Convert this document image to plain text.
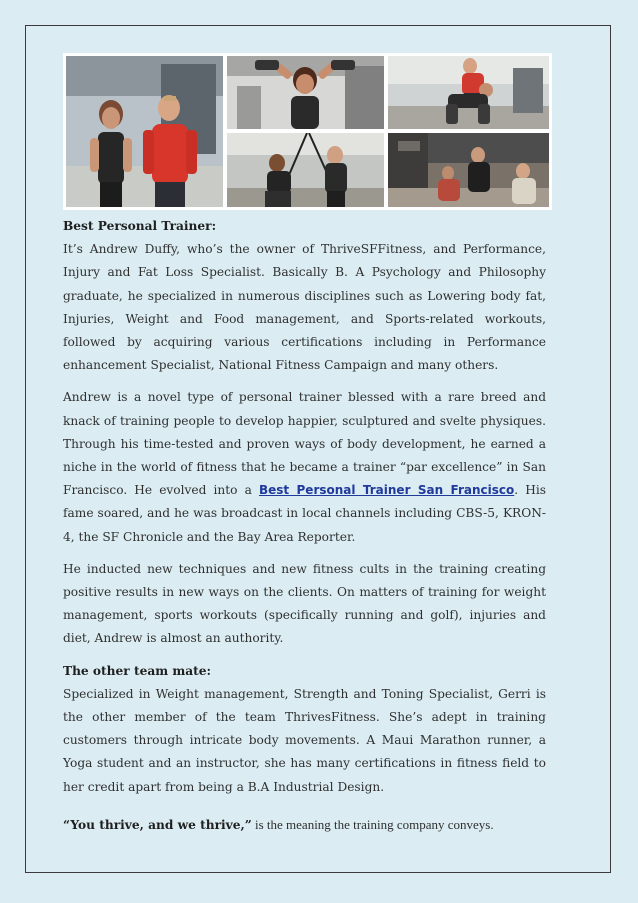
Best Personal Trainer:

It’s Andrew Duffy, who’s the owner of ThriveSFFitness, and Performance, Injury and Fat Loss Specialist. Basically B. A Psychology and Philosophy graduate, he specialized in numerous disciplines such as Lowering body fat, Injuries, Weight and Food management, and Sports-related workouts, followed by acquiring various certifications including in Performance enhancement Specialist, National Fitness Campaign and many others.

Andrew is a novel type of personal trainer blessed with a rare breed and knack of training people to develop happier, sculptured and svelte physiques. Through his time-tested and proven ways of body development, he earned a niche in the world of fitness that he became a trainer “par excellence” in San Francisco. He evolved into a Best Personal Trainer San Francisco. His fame soared, and he was broadcast in local channels including CBS-5, KRON-4, the SF Chronicle and the Bay Area Reporter.

He inducted new techniques and new fitness cults in the training creating positive results in new ways on the clients. On matters of training for weight management, sports workouts (specifically running and golf), injuries and diet, Andrew is almost an authority.

The other team mate:

Specialized in Weight management, Strength and Toning Specialist, Gerri is the other member of the team ThrivesFitness. She’s adept in training customers through intricate body movements. A Maui Marathon runner, a Yoga student and an instructor, she has many certifications in fitness field to her credit apart from being a B.A Industrial Design.

“You thrive, and we thrive,” is the meaning the training company conveys.
